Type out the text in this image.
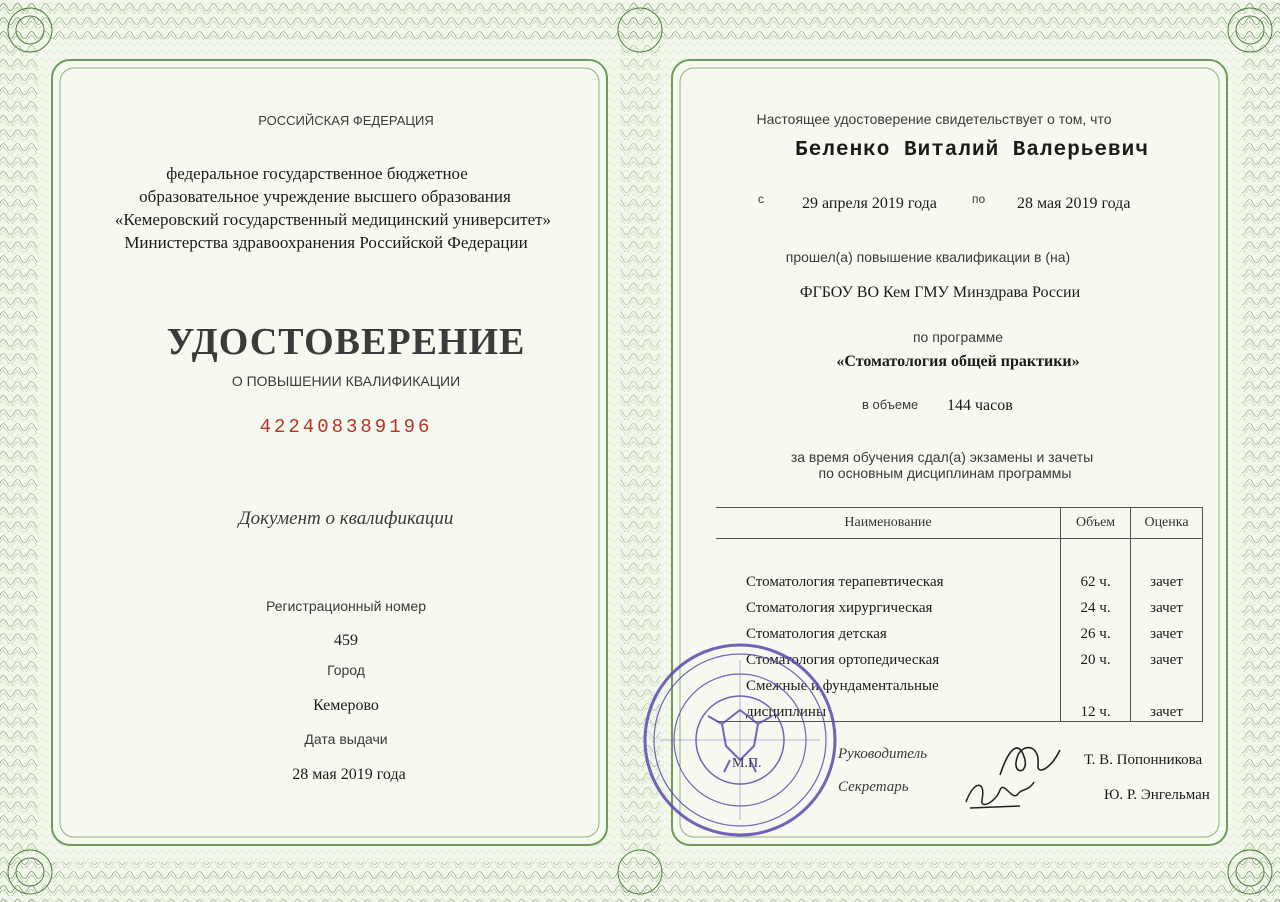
РОССИЙСКАЯ ФЕДЕРАЦИЯ
федеральное государственное бюджетное
образовательное учреждение высшего образования
«Кемеровский государственный медицинский университет»
Министерства здравоохранения Российской Федерации
УДОСТОВЕРЕНИЕ
О ПОВЫШЕНИИ КВАЛИФИКАЦИИ
422408389196
Документ о квалификации
Регистрационный номер
459
Город
Кемерово
Дата выдачи
28 мая 2019 года
Настоящее удостоверение свидетельствует о том, что
Беленко Виталий Валерьевич
с 29 апреля 2019 года	по 28 мая 2019 года
прошел(а) повышение квалификации в (на)
ФГБОУ ВО Кем ГМУ Минздрава России
по программе
«Стоматология общей практики»
в объеме 144 часов
за время обучения сдал(а) экзамены и зачеты
по основным дисциплинам программы
Наименование	Объем	Оценка

Стоматология терапевтическая	62 ч.	зачет
Стоматология хирургическая	24 ч.	зачет
Стоматология детская	26 ч.	зачет
Стоматология ортопедическая	20 ч.	зачет
Смежные и фундаментальные		
дисциплины	12 ч.	зачет
М.П.
Руководитель
Секретарь
Т. В. Попонникова
Ю. Р. Энгельман
